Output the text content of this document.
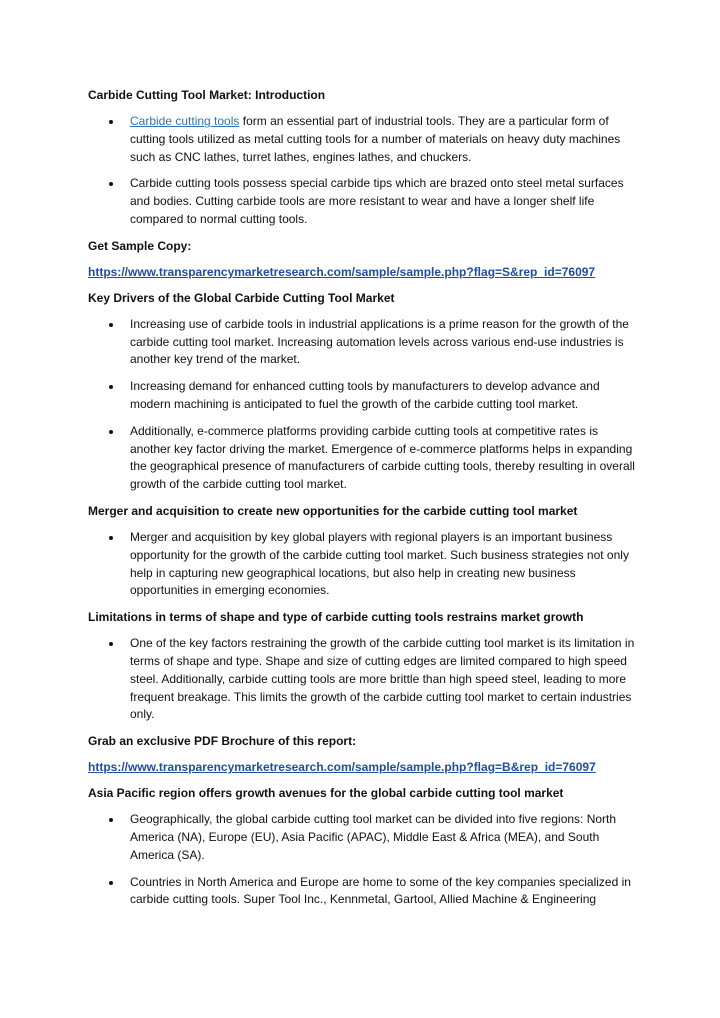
Carbide Cutting Tool Market: Introduction
Carbide cutting tools form an essential part of industrial tools. They are a particular form of cutting tools utilized as metal cutting tools for a number of materials on heavy duty machines such as CNC lathes, turret lathes, engines lathes, and chuckers.
Carbide cutting tools possess special carbide tips which are brazed onto steel metal surfaces and bodies. Cutting carbide tools are more resistant to wear and have a longer shelf life compared to normal cutting tools.
Get Sample Copy:
https://www.transparencymarketresearch.com/sample/sample.php?flag=S&rep_id=76097
Key Drivers of the Global Carbide Cutting Tool Market
Increasing use of carbide tools in industrial applications is a prime reason for the growth of the carbide cutting tool market. Increasing automation levels across various end-use industries is another key trend of the market.
Increasing demand for enhanced cutting tools by manufacturers to develop advance and modern machining is anticipated to fuel the growth of the carbide cutting tool market.
Additionally, e-commerce platforms providing carbide cutting tools at competitive rates is another key factor driving the market. Emergence of e-commerce platforms helps in expanding the geographical presence of manufacturers of carbide cutting tools, thereby resulting in overall growth of the carbide cutting tool market.
Merger and acquisition to create new opportunities for the carbide cutting tool market
Merger and acquisition by key global players with regional players is an important business opportunity for the growth of the carbide cutting tool market. Such business strategies not only help in capturing new geographical locations, but also help in creating new business opportunities in emerging economies.
Limitations in terms of shape and type of carbide cutting tools restrains market growth
One of the key factors restraining the growth of the carbide cutting tool market is its limitation in terms of shape and type. Shape and size of cutting edges are limited compared to high speed steel. Additionally, carbide cutting tools are more brittle than high speed steel, leading to more frequent breakage. This limits the growth of the carbide cutting tool market to certain industries only.
Grab an exclusive PDF Brochure of this report:
https://www.transparencymarketresearch.com/sample/sample.php?flag=B&rep_id=76097
Asia Pacific region offers growth avenues for the global carbide cutting tool market
Geographically, the global carbide cutting tool market can be divided into five regions: North America (NA), Europe (EU), Asia Pacific (APAC), Middle East & Africa (MEA), and South America (SA).
Countries in North America and Europe are home to some of the key companies specialized in carbide cutting tools. Super Tool Inc., Kennmetal, Gartool, Allied Machine & Engineering
